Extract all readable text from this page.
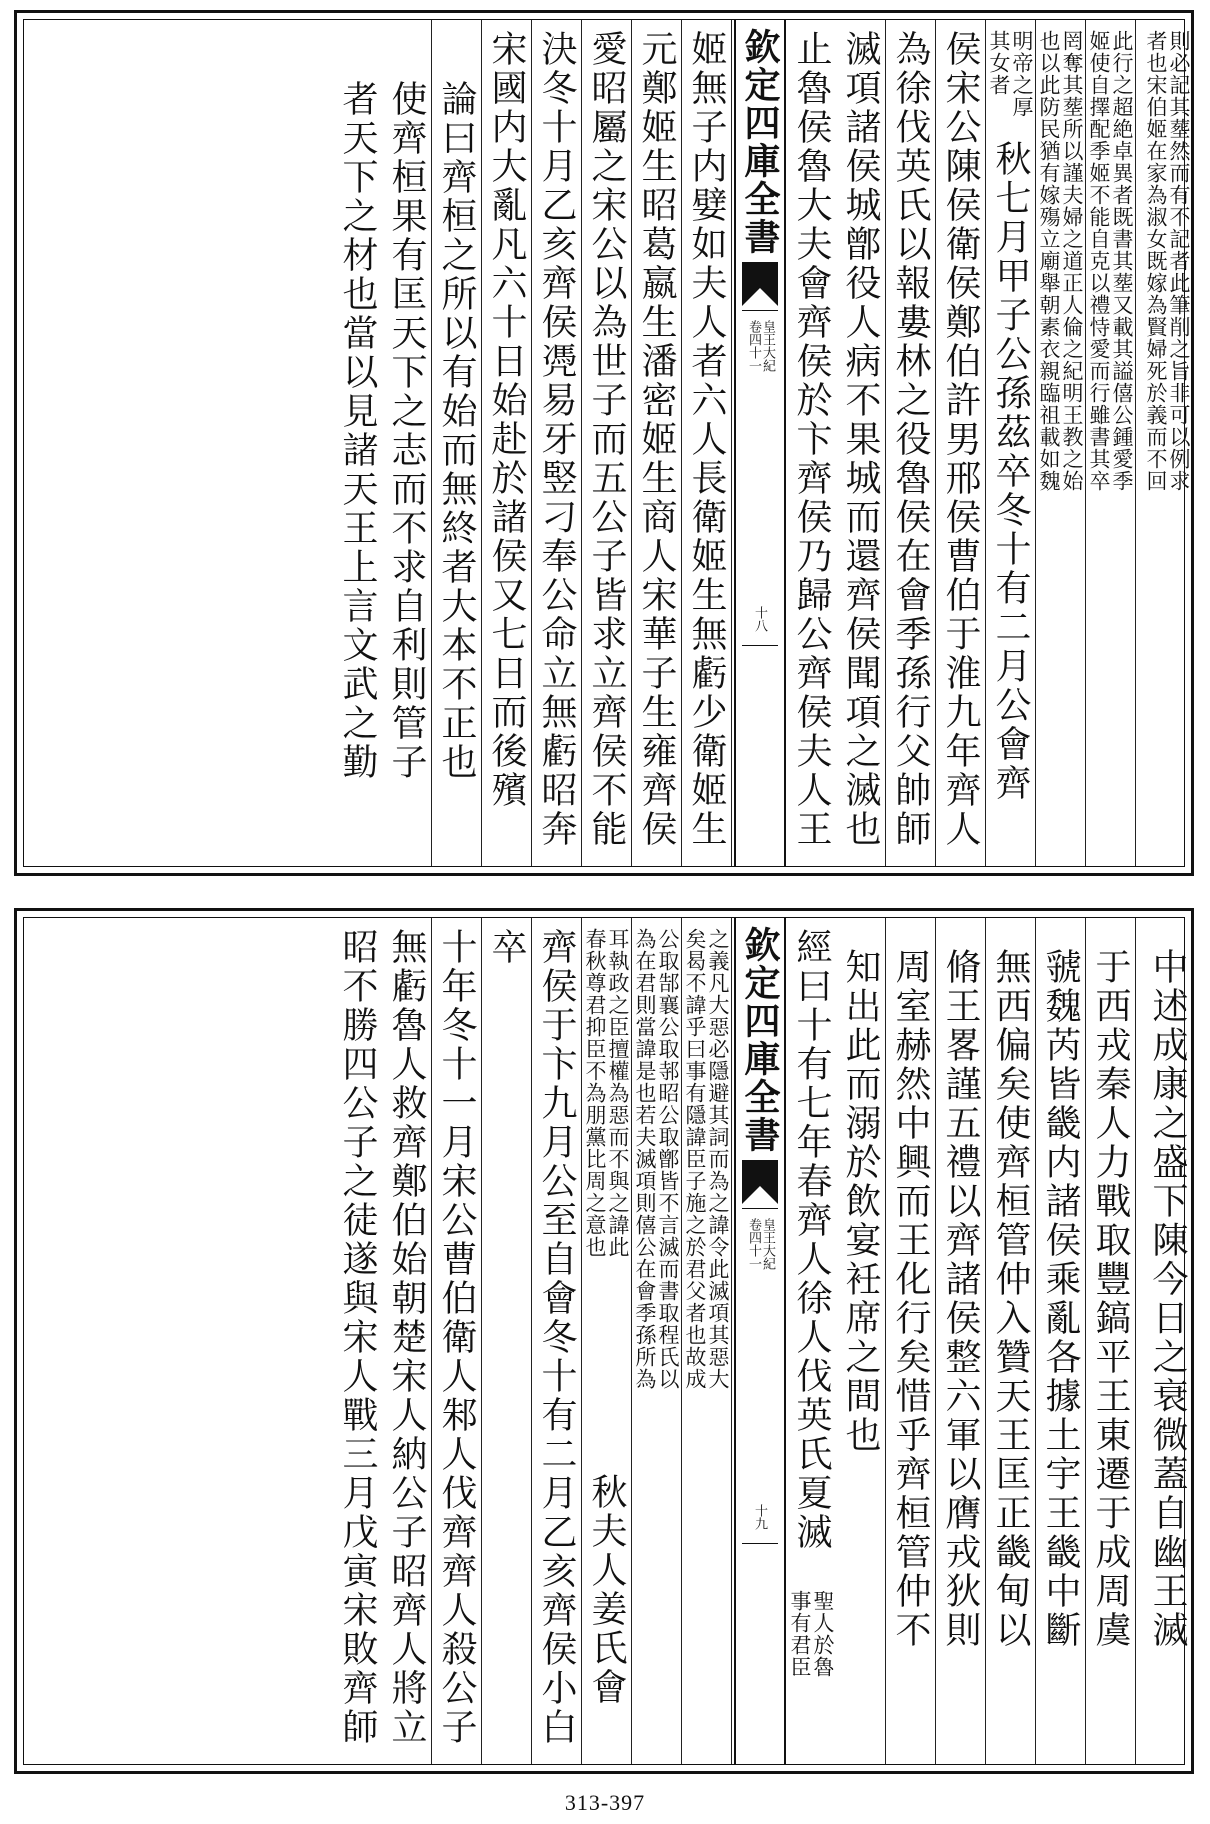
則必記其塟然而有不記者此筆削之旨非可以例求
者也宋伯姬在家為淑女既嫁為賢婦死於義而不回
此行之超絶卓異者既書其塟又載其謚僖公鍾愛季
姬使自擇配季姬不能自克以禮恃愛而行雖書其卒
罔奪其塟所以謹夫婦之道正人倫之紀明王教之始
也以此防民猶有嫁殤立廟舉朝素衣親臨祖載如魏
明帝之厚
其女者
秋七月甲子公孫茲卒冬十有二月公會齊
侯宋公陳侯衛侯鄭伯許男邢侯曹伯于淮九年齊人
為徐伐英氏以報婁林之役魯侯在會季孫行父帥師
滅項諸侯城鄫役人病不果城而還齊侯聞項之滅也
止魯侯魯大夫會齊侯於卞齊侯乃歸公齊侯夫人王
欽定四庫全書
皇王大紀
卷四十一
十八
姬無子内嬖如夫人者六人長衛姬生無虧少衛姬生
元鄭姬生昭葛嬴生潘密姬生商人宋華子生雍齊侯
愛昭屬之宋公以為世子而五公子皆求立齊侯不能
決冬十月乙亥齊侯凴易牙竪刁奉公命立無虧昭奔
宋國内大亂凡六十日始赴於諸侯又七日而後殯
論曰齊桓之所以有始而無終者大本不正也
使齊桓果有匡天下之志而不求自利則管子
者天下之材也當以見諸天王上言文武之勤
中述成康之盛下陳今日之衰微蓋自幽王滅
于西戎秦人力戰取豐鎬平王東遷于成周虞
虢魏芮皆畿内諸侯乘亂各據土宇王畿中斷
無西偏矣使齊桓管仲入贊天王匡正畿甸以
脩王畧謹五禮以齊諸侯整六軍以膺戎狄則
周室赫然中興而王化行矣惜乎齊桓管仲不
知出此而溺於飲宴衽席之間也
經曰十有七年春齊人徐人伐英氏夏滅
聖人於魯
事有君臣
欽定四庫全書
皇王大紀
卷四十一
十九
之義凡大惡必隱避其詞而為之諱令此滅項其惡大
矣曷不諱乎曰事有隱諱臣子施之於君父者也故成
公取郜襄公取邿昭公取鄫皆不言滅而書取程氏以
為在君則當諱是也若夫滅項則僖公在會季孫所為
耳執政之臣擅權為惡而不與之諱此
春秋尊君抑臣不為朋黨比周之意也
秋夫人姜氏會
齊侯于卞九月公至自會冬十有二月乙亥齊侯小白
卒
十年冬十一月宋公曹伯衛人邾人伐齊齊人殺公子
無虧魯人救齊鄭伯始朝楚宋人納公子昭齊人將立
昭不勝四公子之徒遂與宋人戰三月戊寅宋敗齊師
313-397
